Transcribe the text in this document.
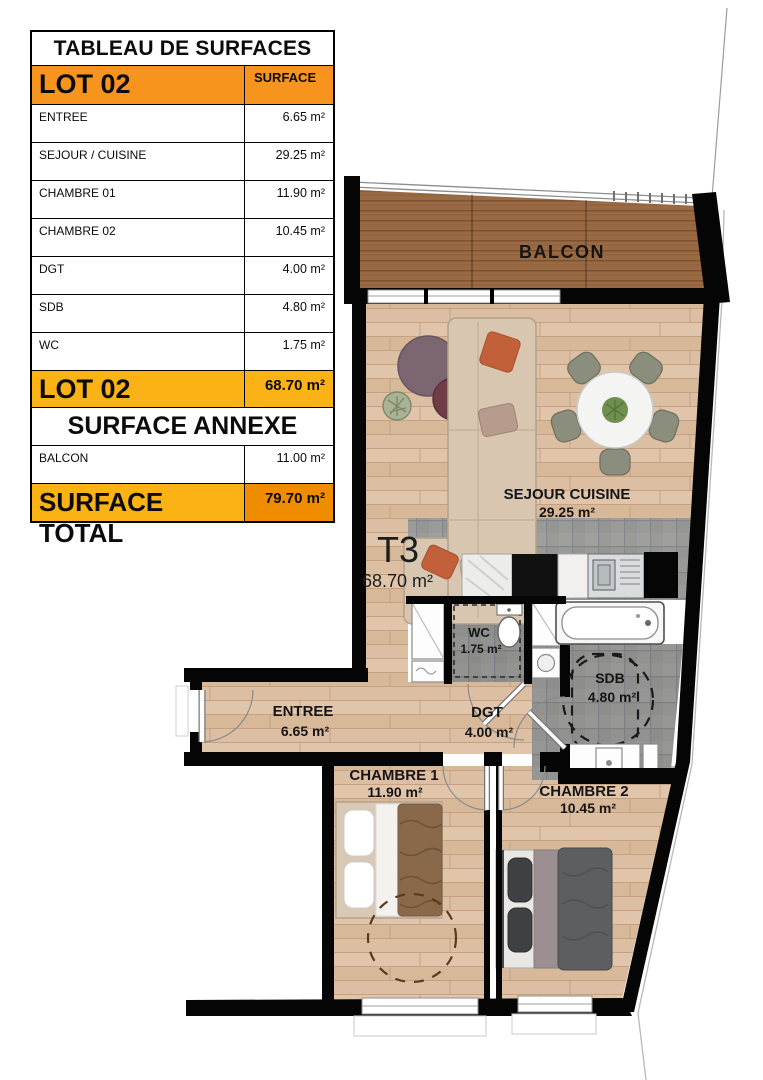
BALCON
SEJOUR CUISINE
29.25 m²
T3
68.70 m²
WC
1.75 m²
SDB
4.80 m²
ENTREE
6.65 m²
DGT
4.00 m²
CHAMBRE 1
11.90 m²	CHAMBRE 2
10.45 m²
TABLEAU DE SURFACES
LOT 02	SURFACE
ENTREE	6.65 m²
SEJOUR / CUISINE	29.25 m²
CHAMBRE 01	11.90 m²
CHAMBRE 02	10.45 m²
DGT	4.00 m²
SDB	4.80 m²
WC	1.75 m²
LOT 02	68.70 m²
SURFACE ANNEXE
BALCON	11.00 m²
SURFACE TOTAL
79.70 m²
